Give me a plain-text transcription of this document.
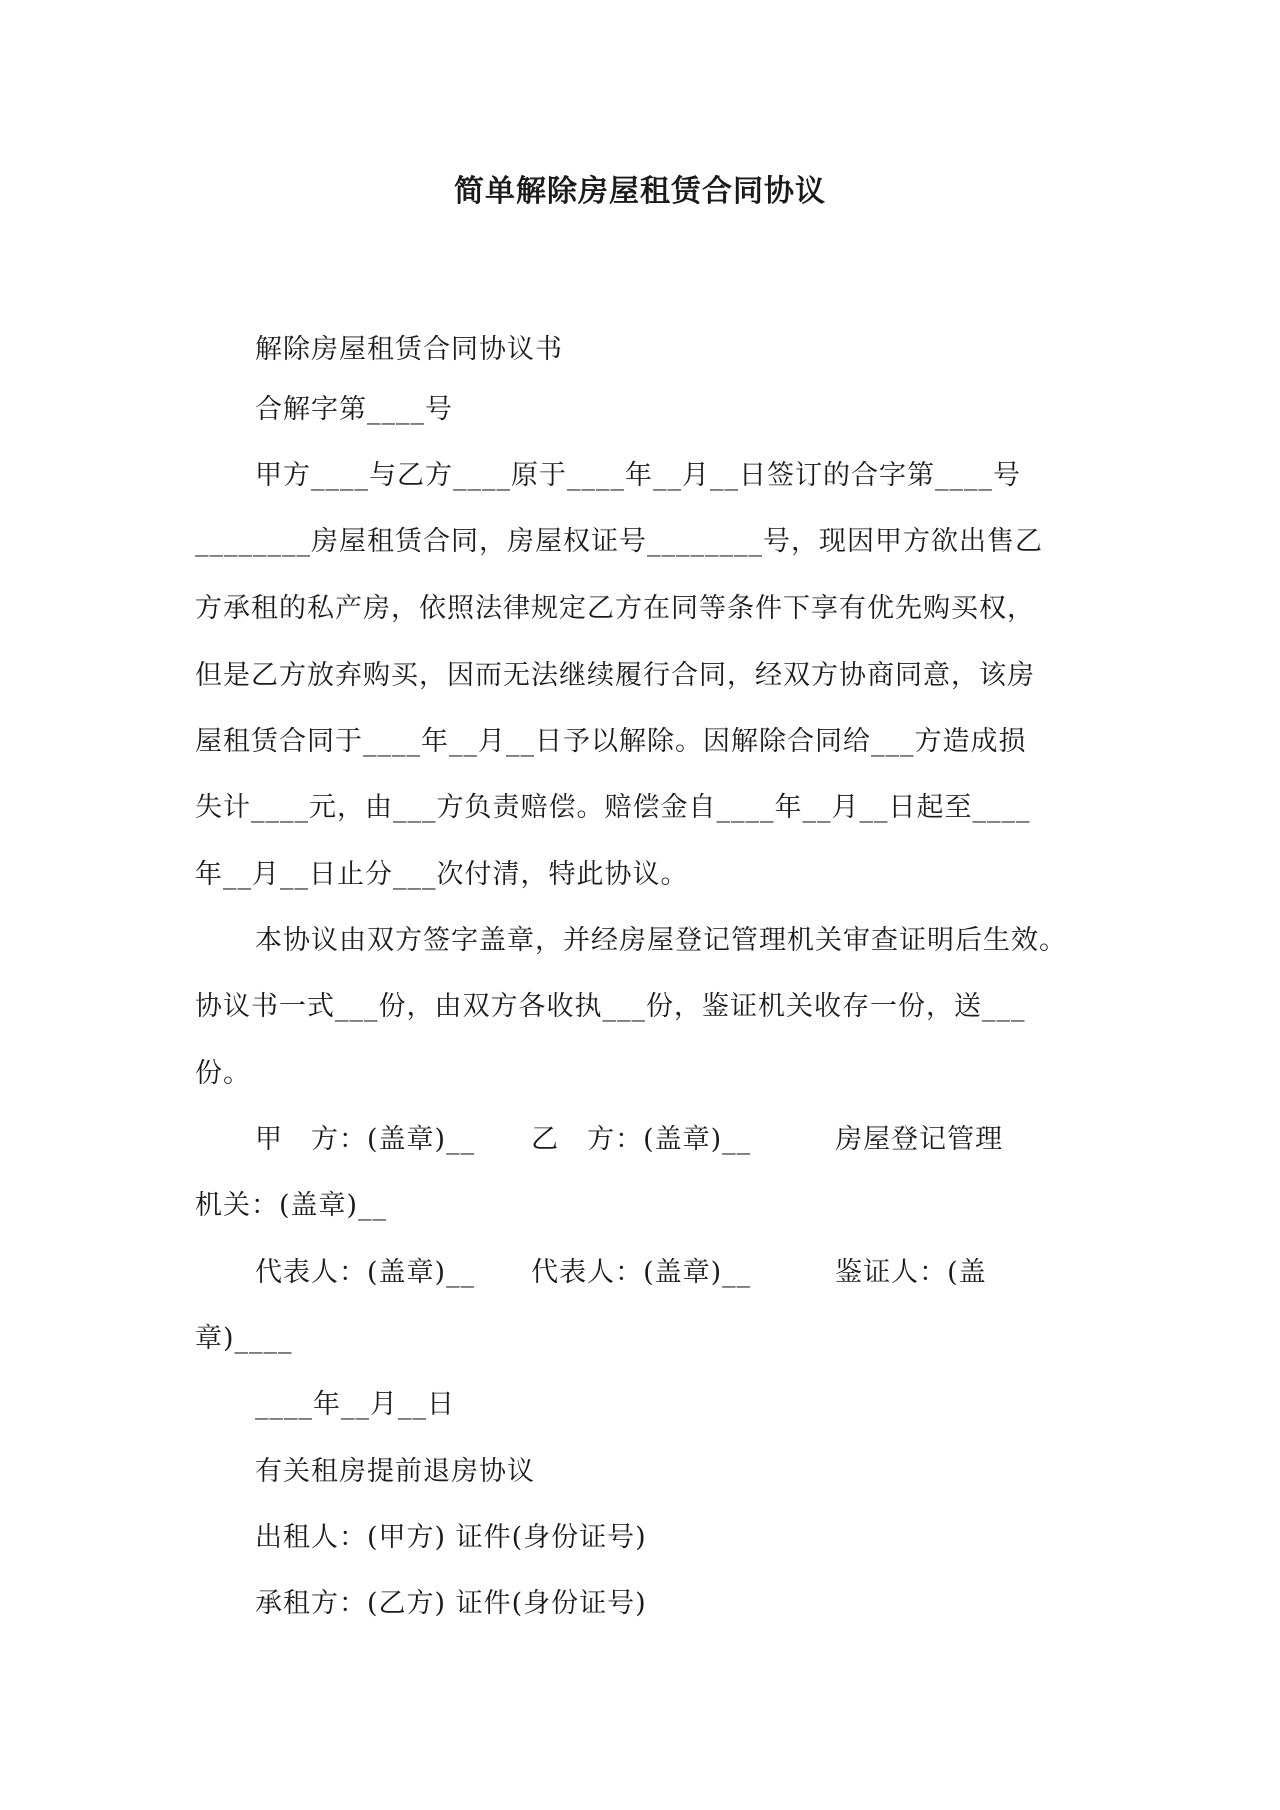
简单解除房屋租赁合同协议
解除房屋租赁合同协议书
合解字第____号
甲方____与乙方____原于____年__月__日签订的合字第____号
________房屋租赁合同，房屋权证号________号，现因甲方欲出售乙
方承租的私产房，依照法律规定乙方在同等条件下享有优先购买权，
但是乙方放弃购买，因而无法继续履行合同，经双方协商同意，该房
屋租赁合同于____年__月__日予以解除。因解除合同给___方造成损
失计____元，由___方负责赔偿。赔偿金自____年__月__日起至____
年__月__日止分___次付清，特此协议。
本协议由双方签字盖章，并经房屋登记管理机关审查证明后生效。
协议书一式___份，由双方各收执___份，鉴证机关收存一份，送___
份。
甲　方：(盖章)__　　乙　方：(盖章)__　　　房屋登记管理
机关：(盖章)__
代表人：(盖章)__　　代表人：(盖章)__　　　鉴证人：(盖
章)____
____年__月__日
有关租房提前退房协议
出租人：(甲方) 证件(身份证号)
承租方：(乙方) 证件(身份证号)
